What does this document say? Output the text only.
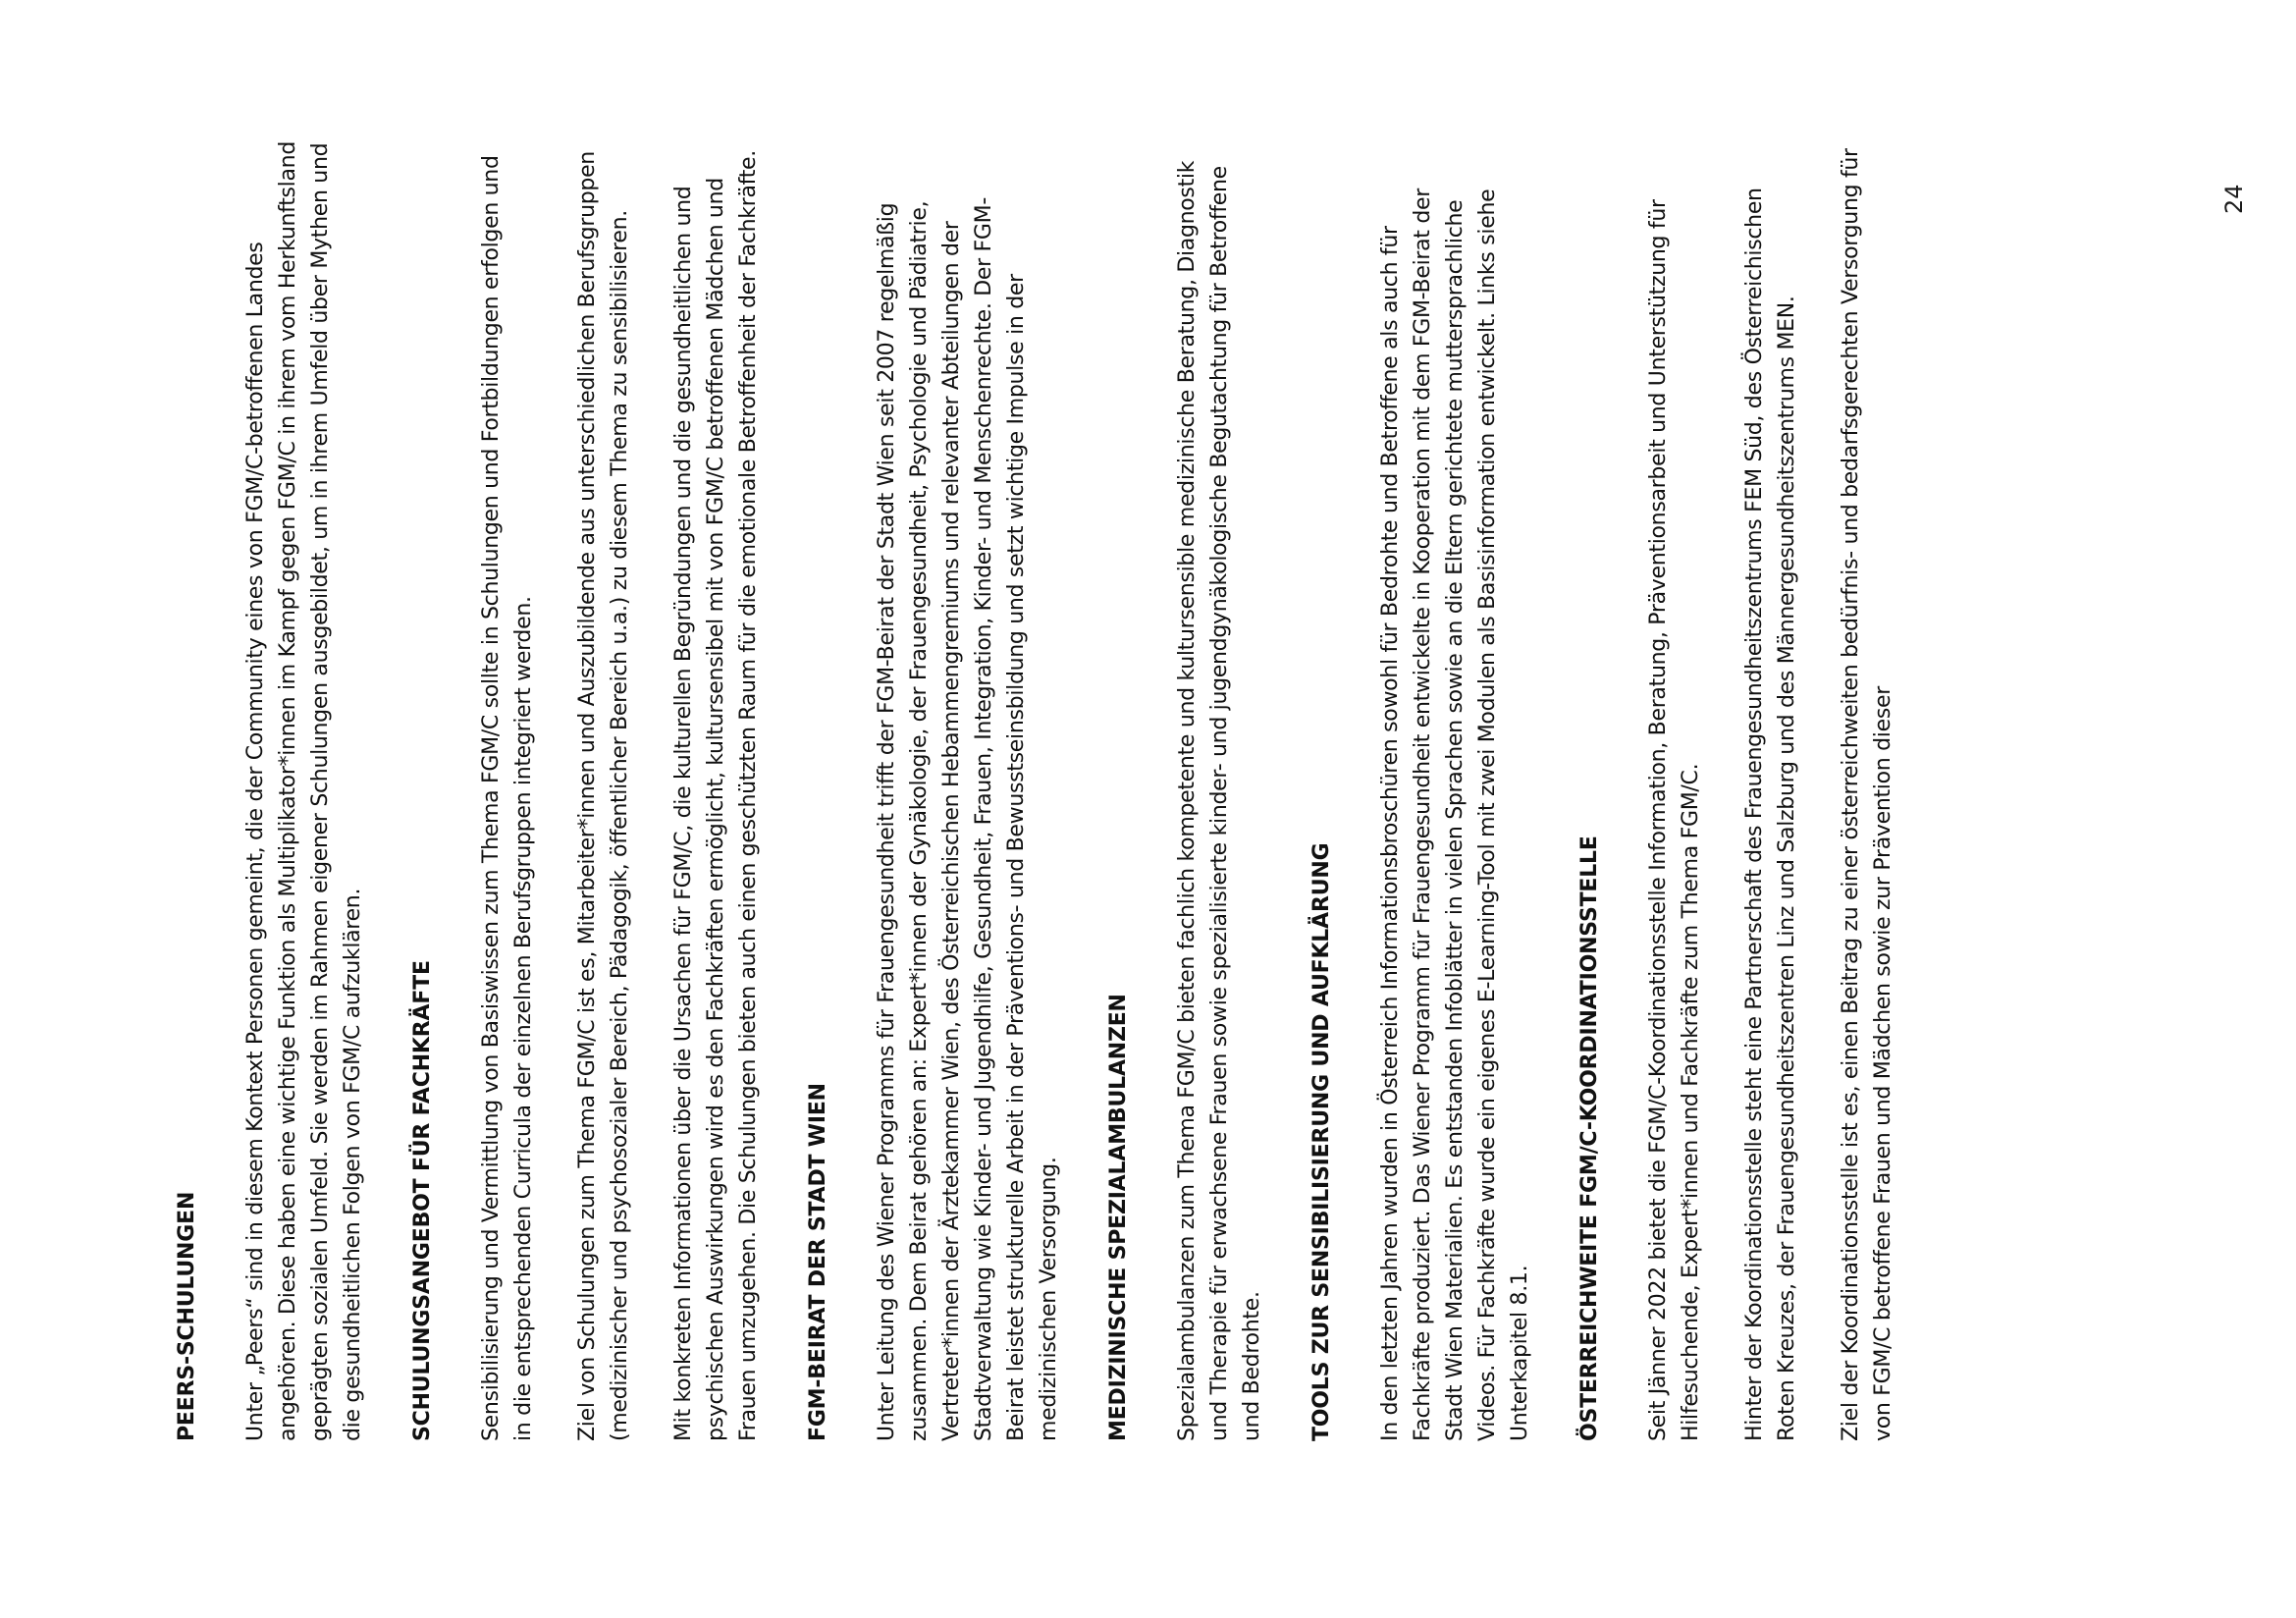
PEERS-SCHULUNGEN Unter „Peers“ sind in diesem Kontext Personen gemeint, die der Community eines von FGM/C-betroffenen Landes angehören. Diese haben eine wichtige Funktion als Multiplikator*innen im Kampf gegen FGM/C in ihrem vom Herkunftsland geprägten sozialen Umfeld. Sie werden im Rahmen eigener Schulungen ausgebildet, um in ihrem Umfeld über Mythen und die gesundheitlichen Folgen von FGM/C aufzuklären. SCHULUNGSANGEBOT FÜR FACHKRÄFTE Sensibilisierung und Vermittlung von Basiswissen zum Thema FGM/C sollte in Schulungen und Fortbildungen erfolgen und in die entsprechenden Curricula der einzelnen Berufsgruppen integriert werden. Ziel von Schulungen zum Thema FGM/C ist es, Mitarbeiter*innen und Auszubildende aus unterschiedlichen Berufsgruppen (medizinischer und psychosozialer Bereich, Pädagogik, öffentlicher Bereich u.a.) zu diesem Thema zu sensibilisieren. Mit konkreten Informationen über die Ursachen für FGM/C, die kulturellen Begründungen und die gesundheitlichen und psychischen Auswirkungen wird es den Fachkräften ermöglicht, kultursensibel mit von FGM/C betroffenen Mädchen und Frauen umzugehen. Die Schulungen bieten auch einen geschützten Raum für die emotionale Betroffenheit der Fachkräfte. FGM-BEIRAT DER STADT WIEN Unter Leitung des Wiener Programms für Frauengesundheit trifft der FGM-Beirat der Stadt Wien seit 2007 regelmäßig zusammen. Dem Beirat gehören an: Expert*innen der Gynäkologie, der Frauengesundheit, Psychologie und Pädiatrie, Vertreter*innen der Ärztekammer Wien, des Österreichischen Hebammengremiums und relevanter Abteilungen der Stadtverwaltung wie Kinder- und Jugendhilfe, Gesundheit, Frauen, Integration, Kinder- und Menschenrechte. Der FGM-Beirat leistet strukturelle Arbeit in der Präventions- und Bewusstseinsbildung und setzt wichtige Impulse in der medizinischen Versorgung. MEDIZINISCHE SPEZIALAMBULANZEN Spezialambulanzen zum Thema FGM/C bieten fachlich kompetente und kultursensible medizinische Beratung, Diagnostik und Therapie für erwachsene Frauen sowie spezialisierte kinder- und jugendgynäkologische Begutachtung für Betroffene und Bedrohte. TOOLS ZUR SENSIBILISIERUNG UND AUFKLÄRUNG In den letzten Jahren wurden in Österreich Informationsbroschüren sowohl für Bedrohte und Betroffene als auch für Fachkräfte produziert. Das Wiener Programm für Frauengesundheit entwickelte in Kooperation mit dem FGM-Beirat der Stadt Wien Materialien. Es entstanden Infoblätter in vielen Sprachen sowie an die Eltern gerichtete muttersprachliche Videos. Für Fachkräfte wurde ein eigenes E-Learning-Tool mit zwei Modulen als Basisinformation entwickelt. Links siehe Unterkapitel 8.1. ÖSTERREICHWEITE FGM/C-KOORDINATIONSSTELLE Seit Jänner 2022 bietet die FGM/C-Koordinationsstelle Information, Beratung, Präventionsarbeit und Unterstützung für Hilfesuchende, Expert*innen und Fachkräfte zum Thema FGM/C. Hinter der Koordinationsstelle steht eine Partnerschaft des Frauengesundheitszentrums FEM Süd, des Österreichischen Roten Kreuzes, der Frauengesundheitszentren Linz und Salzburg und des Männergesundheitszentrums MEN. Ziel der Koordinationsstelle ist es, einen Beitrag zu einer österreichweiten bedürfnis- und bedarfsgerechten Versorgung für von FGM/C betroffene Frauen und Mädchen sowie zur Prävention dieser

24
